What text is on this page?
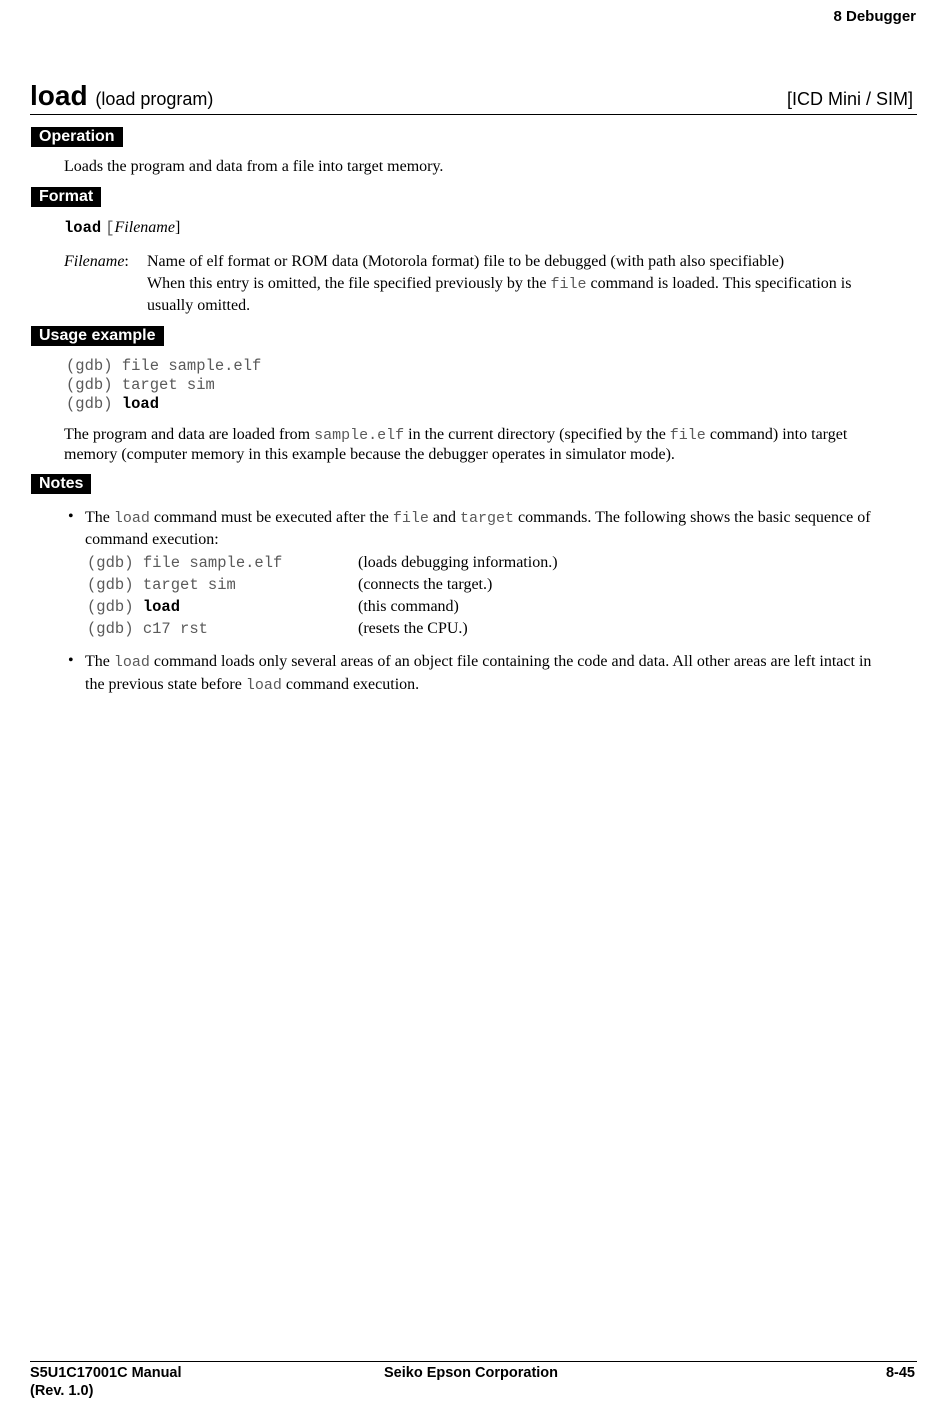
8 Debugger
load (load program)	[ICD Mini / SIM]
Operation
Loads the program and data from a file into target memory.
Format
load [Filename]
Filename: Name of elf format or ROM data (Motorola format) file to be debugged (with path also specifiable)
When this entry is omitted, the file specified previously by the file command is loaded. This specification is
usually omitted.
Usage example
(gdb) file sample.elf
(gdb) target sim
(gdb) load
The program and data are loaded from sample.elf in the current directory (specified by the file command) into target
memory (computer memory in this example because the debugger operates in simulator mode).
Notes
• The load command must be executed after the file and target commands. The following shows the basic sequence of
command execution:
(gdb) file sample.elf	(loads debugging information.)
(gdb) target sim	(connects the target.)
(gdb) load	(this command)
(gdb) c17 rst	(resets the CPU.)
• The load command loads only several areas of an object file containing the code and data. All other areas are left intact in
the previous state before load command execution.
S5U1C17001C Manual
(Rev. 1.0)
Seiko Epson Corporation	8-45
